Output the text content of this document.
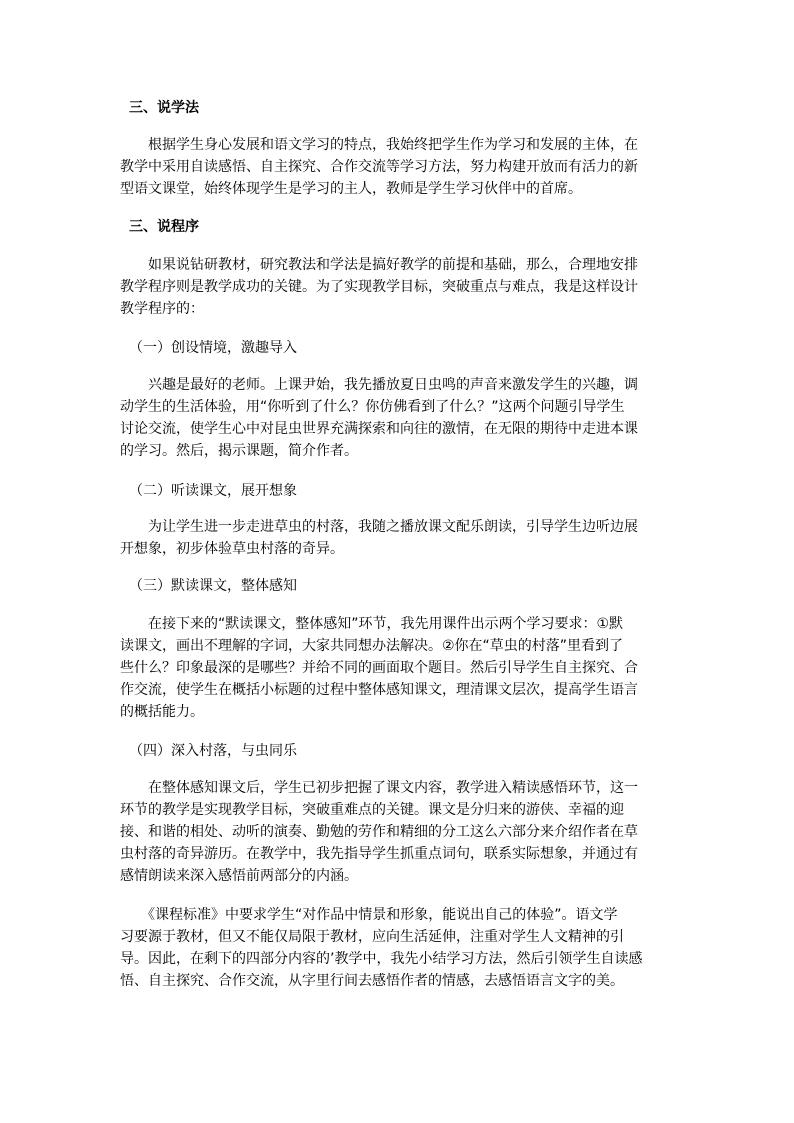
三、说学法
　　根据学生身心发展和语文学习的特点，我始终把学生作为学习和发展的主体，在
教学中采用自读感悟、自主探究、合作交流等学习方法，努力构建开放而有活力的新
型语文课堂，始终体现学生是学习的主人，教师是学生学习伙伴中的首席。
三、说程序
　　如果说钻研教材，研究教法和学法是搞好教学的前提和基础，那么，合理地安排
教学程序则是教学成功的关键。为了实现教学目标，突破重点与难点，我是这样设计
教学程序的：
（一）创设情境，激趣导入
　　兴趣是最好的老师。上课尹始，我先播放夏日虫鸣的声音来激发学生的兴趣，调
动学生的生活体验，用“你听到了什么？你仿佛看到了什么？”这两个问题引导学生
讨论交流，使学生心中对昆虫世界充满探索和向往的激情，在无限的期待中走进本课
的学习。然后，揭示课题，简介作者。
（二）听读课文，展开想象
　　为让学生进一步走进草虫的村落，我随之播放课文配乐朗读，引导学生边听边展
开想象，初步体验草虫村落的奇异。
（三）默读课文，整体感知
　　在接下来的“默读课文，整体感知”环节，我先用课件出示两个学习要求：①默
读课文，画出不理解的字词，大家共同想办法解决。②你在“草虫的村落”里看到了
些什么？印象最深的是哪些？并给不同的画面取个题目。然后引导学生自主探究、合
作交流，使学生在概括小标题的过程中整体感知课文，理清课文层次，提高学生语言
的概括能力。
（四）深入村落，与虫同乐
　　在整体感知课文后，学生已初步把握了课文内容，教学进入精读感悟环节，这一
环节的教学是实现教学目标，突破重难点的关键。课文是分归来的游侠、幸福的迎
接、和谐的相处、动听的演奏、勤勉的劳作和精细的分工这么六部分来介绍作者在草
虫村落的奇异游历。在教学中，我先指导学生抓重点词句，联系实际想象，并通过有
感情朗读来深入感悟前两部分的内涵。
　　《课程标准》中要求学生“对作品中情景和形象，能说出自己的体验”。语文学
习要源于教材，但又不能仅局限于教材，应向生活延伸，注重对学生人文精神的引
导。因此，在剩下的四部分内容的’教学中，我先小结学习方法，然后引领学生自读感
悟、自主探究、合作交流，从字里行间去感悟作者的情感，去感悟语言文字的美。
